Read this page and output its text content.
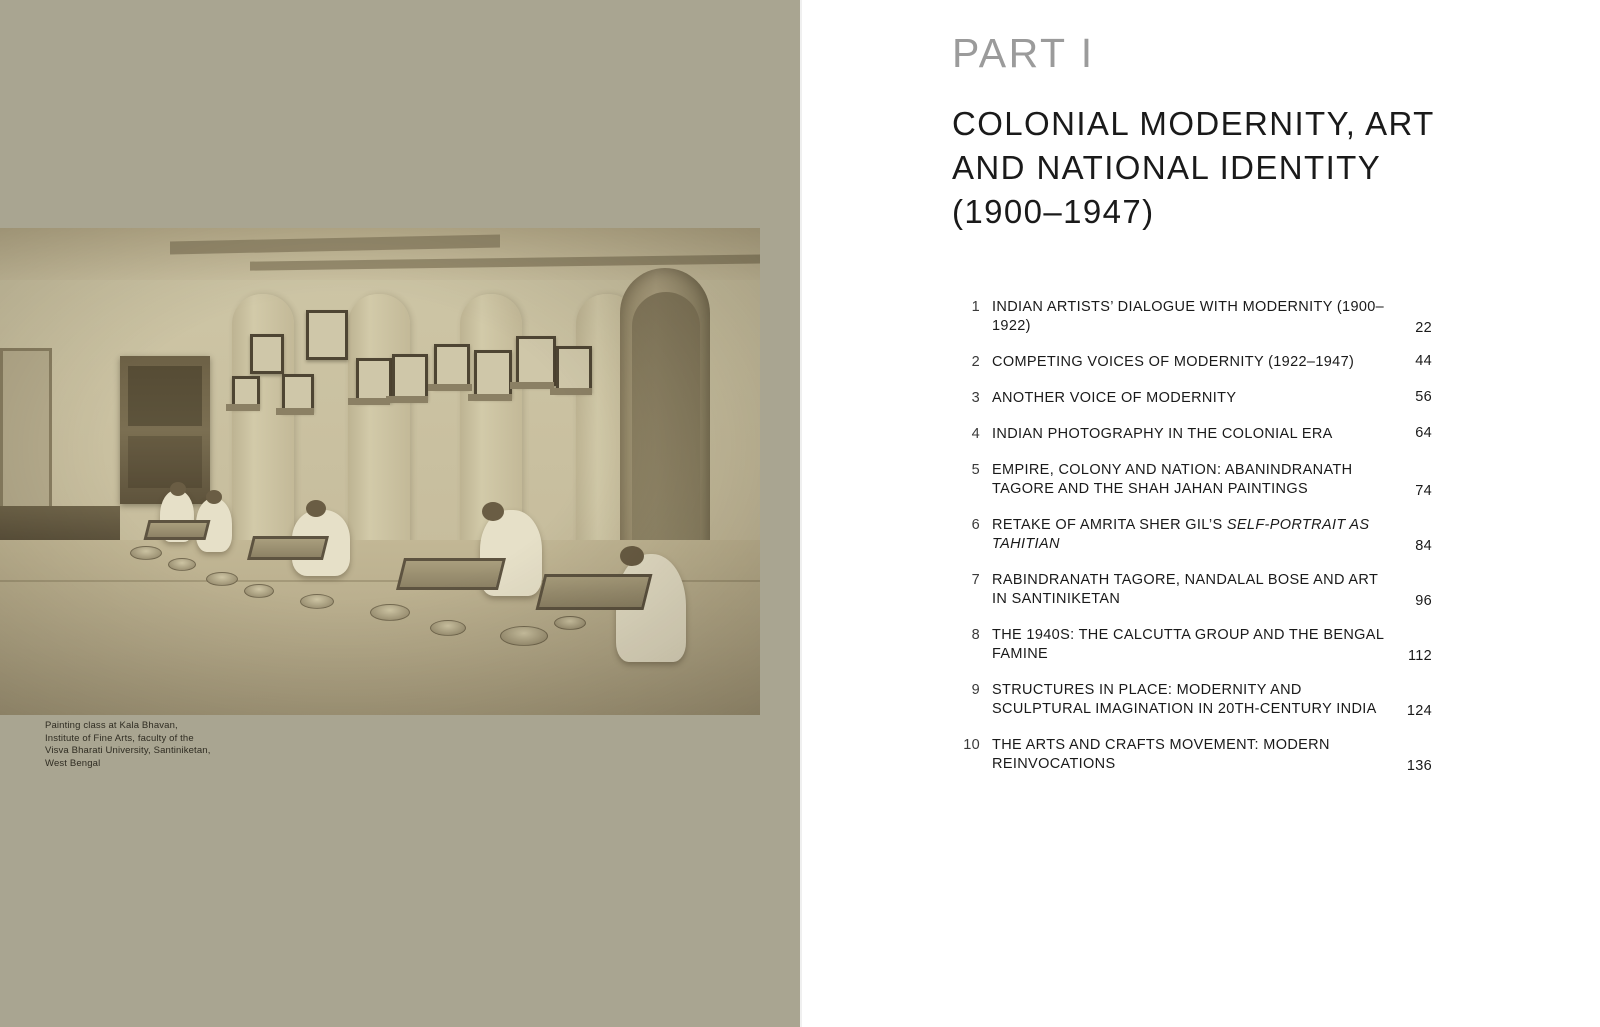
Painting class at Kala Bhavan, Institute of Fine Arts, faculty of the Visva Bharati University, Santiniketan, West Bengal
PART I
COLONIAL MODERNITY, ART AND NATIONAL IDENTITY (1900–1947)
1 INDIAN ARTISTS’ DIALOGUE WITH MODERNITY (1900–1922)	22
2 COMPETING VOICES OF MODERNITY (1922–1947)	44
3 ANOTHER VOICE OF MODERNITY	56
4 INDIAN PHOTOGRAPHY IN THE COLONIAL ERA	64
5 EMPIRE, COLONY AND NATION: ABANINDRANATH TAGORE AND THE SHAH JAHAN PAINTINGS	74
6 RETAKE OF AMRITA SHER GIL’S SELF-PORTRAIT AS TAHITIAN	84
7 RABINDRANATH TAGORE, NANDALAL BOSE AND ART IN SANTINIKETAN	96
8 THE 1940S: THE CALCUTTA GROUP AND THE BENGAL FAMINE	112
9 STRUCTURES IN PLACE: MODERNITY AND SCULPTURAL IMAGINATION IN 20TH-CENTURY INDIA	124
10 THE ARTS AND CRAFTS MOVEMENT: MODERN REINVOCATIONS	136
